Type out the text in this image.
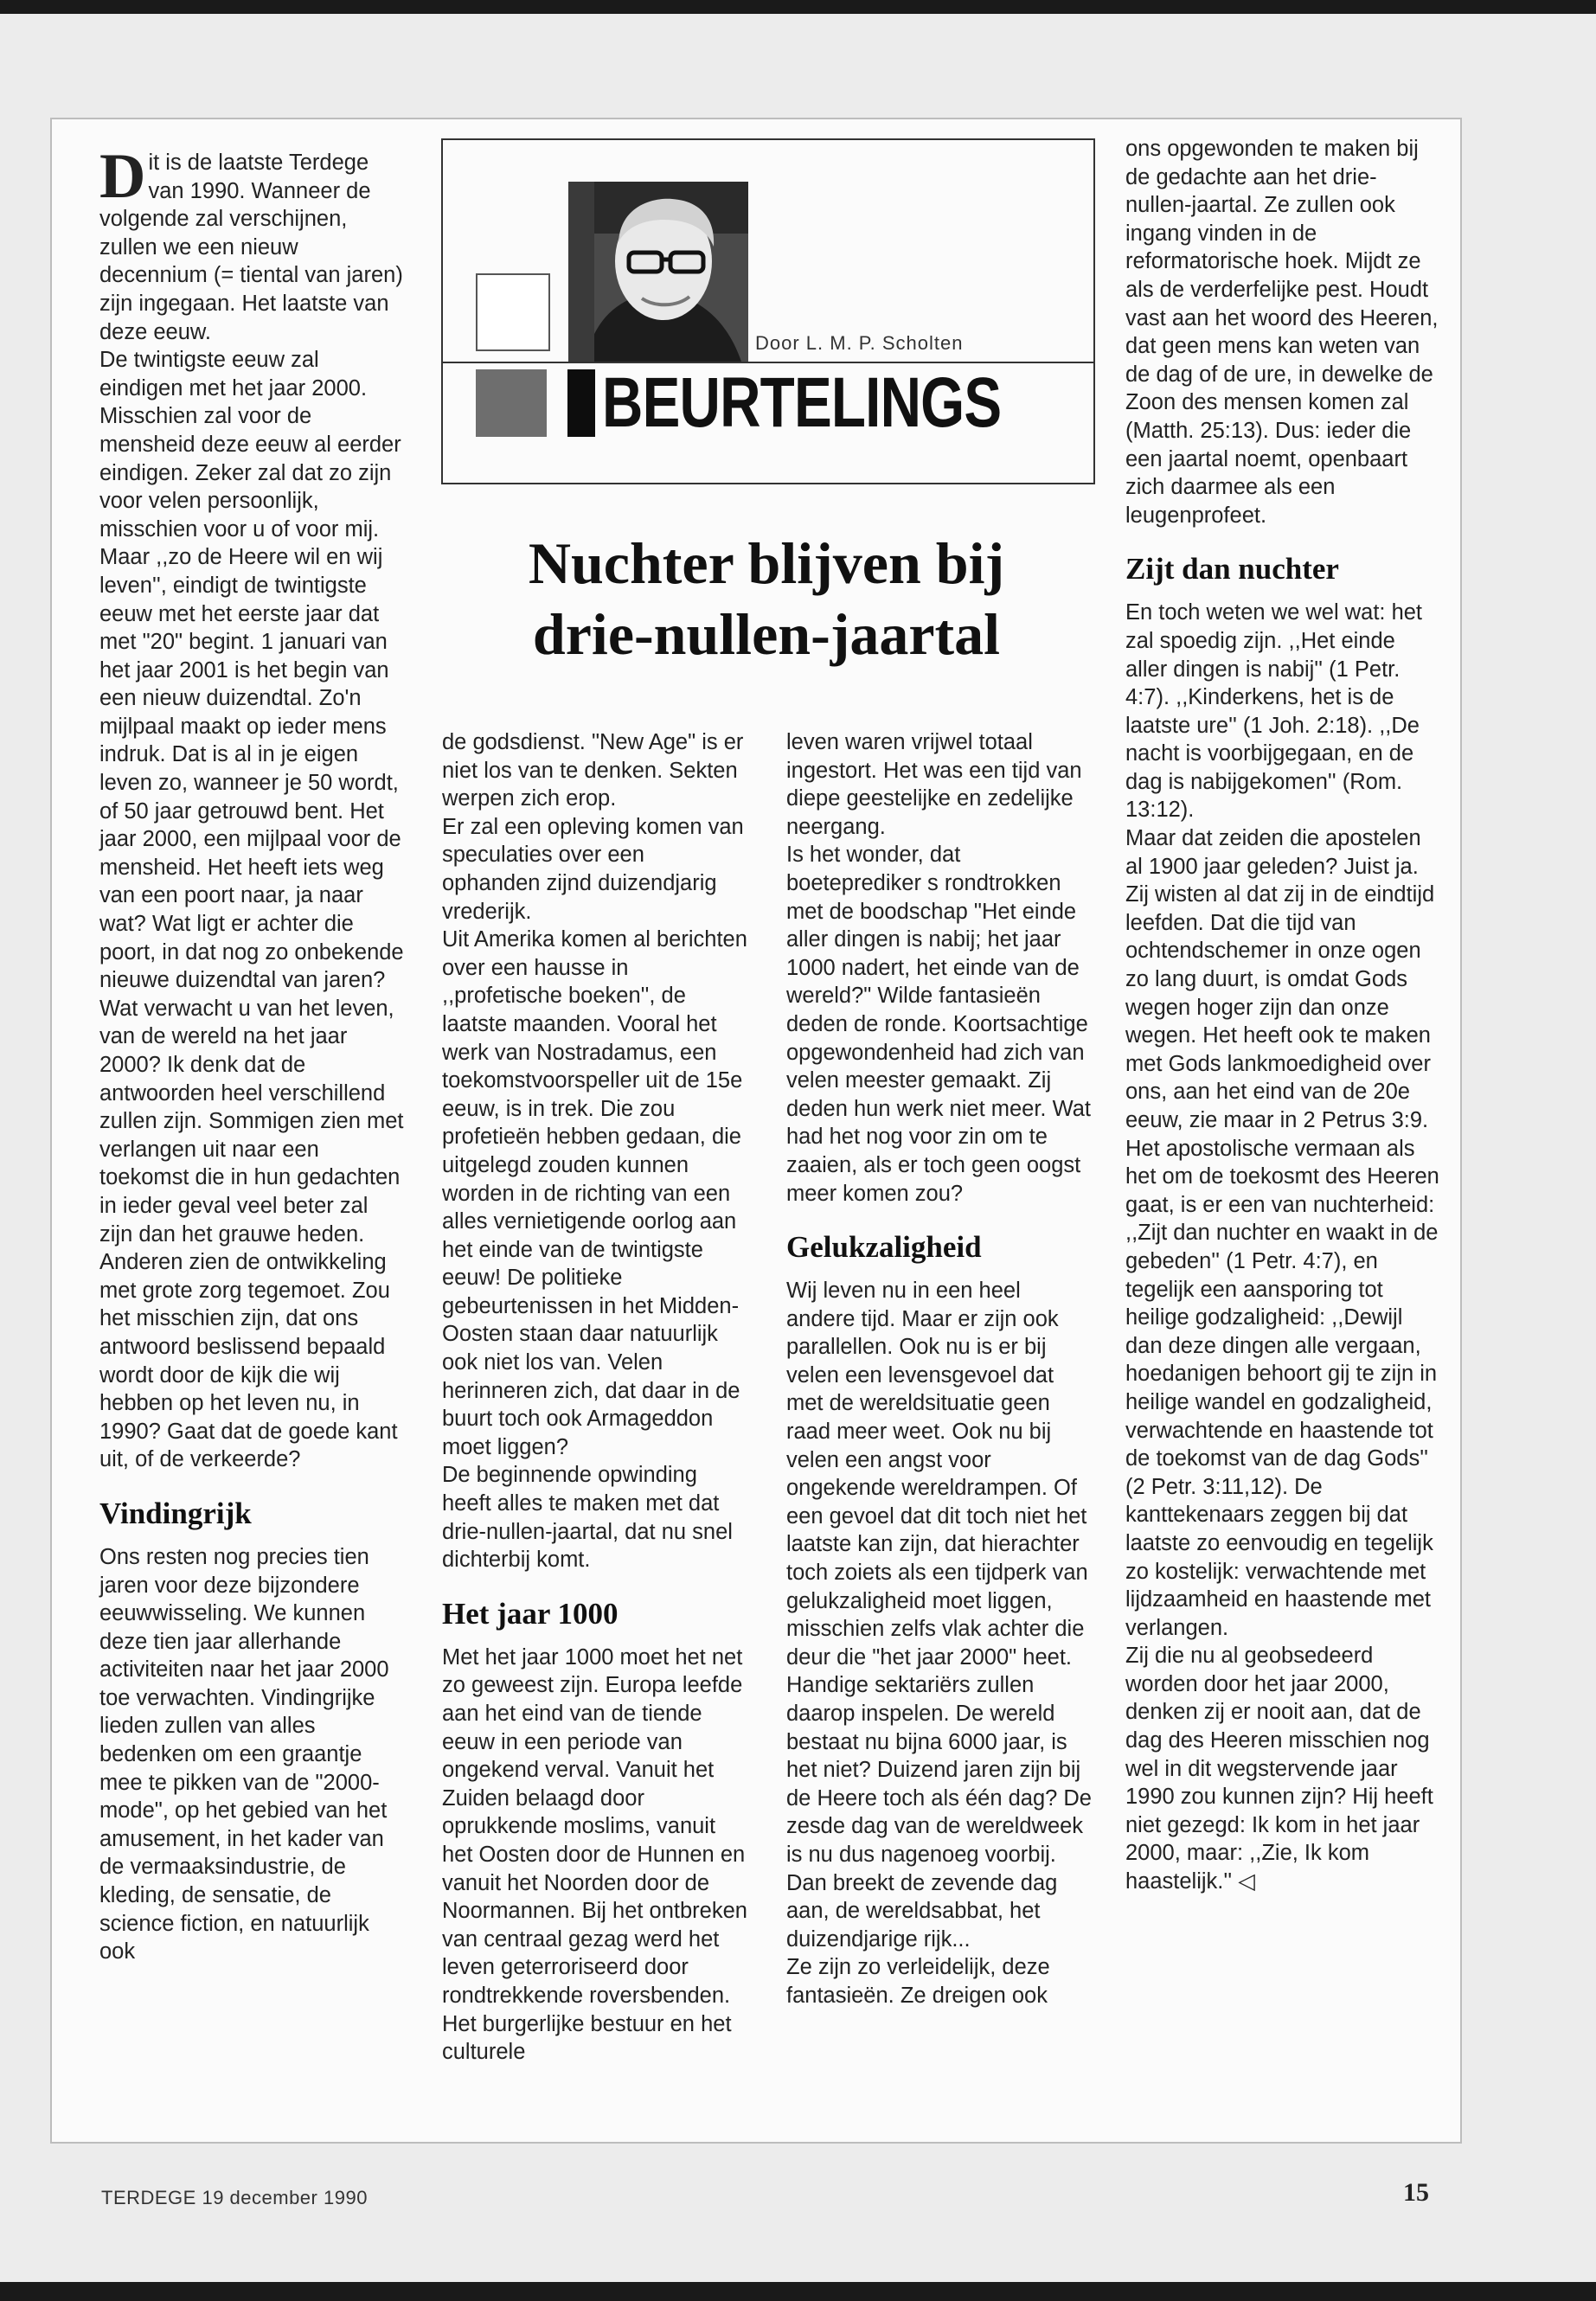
Door L. M. P. Scholten
BEURTELINGS
Nuchter blijven bij
drie-nullen-jaartal

Dit is de laatste Terdege van 1990. Wanneer de volgende zal verschijnen, zullen we een nieuw decennium (= tiental van jaren) zijn ingegaan. Het laatste van deze eeuw.

De twintigste eeuw zal eindigen met het jaar 2000. Misschien zal voor de mensheid deze eeuw al eerder eindigen. Zeker zal dat zo zijn voor velen persoonlijk, misschien voor u of voor mij. Maar ,,zo de Heere wil en wij leven'', eindigt de twintigste eeuw met het eerste jaar dat met "20" begint. 1 januari van het jaar 2001 is het begin van een nieuw duizendtal. Zo'n mijlpaal maakt op ieder mens indruk. Dat is al in je eigen leven zo, wanneer je 50 wordt, of 50 jaar getrouwd bent. Het jaar 2000, een mijlpaal voor de mensheid. Het heeft iets weg van een poort naar, ja naar wat? Wat ligt er achter die poort, in dat nog zo onbekende nieuwe duizendtal van jaren?

Wat verwacht u van het leven, van de wereld na het jaar 2000? Ik denk dat de antwoorden heel verschillend zullen zijn. Sommigen zien met verlangen uit naar een toekomst die in hun gedachten in ieder geval veel beter zal zijn dan het grauwe heden. Anderen zien de ontwikkeling met grote zorg tegemoet. Zou het misschien zijn, dat ons antwoord beslissend bepaald wordt door de kijk die wij hebben op het leven nu, in 1990? Gaat dat de goede kant uit, of de verkeerde?

Vindingrijk

Ons resten nog precies tien jaren voor deze bijzondere eeuwwisseling. We kunnen deze tien jaar allerhande activiteiten naar het jaar 2000 toe verwachten. Vindingrijke lieden zullen van alles bedenken om een graantje mee te pikken van de "2000-mode", op het gebied van het amusement, in het kader van de vermaaksindustrie, de kleding, de sensatie, de science fiction, en natuurlijk ook

de godsdienst. "New Age" is er niet los van te denken. Sekten werpen zich erop.

Er zal een opleving komen van speculaties over een ophanden zijnd duizendjarig vrederijk.

Uit Amerika komen al berichten over een hausse in ,,profetische boeken'', de laatste maanden. Vooral het werk van Nostradamus, een toekomstvoorspeller uit de 15e eeuw, is in trek. Die zou profetieën hebben gedaan, die uitgelegd zouden kunnen worden in de richting van een alles vernietigende oorlog aan het einde van de twintigste eeuw! De politieke gebeurtenissen in het Midden-Oosten staan daar natuurlijk ook niet los van. Velen herinneren zich, dat daar in de buurt toch ook Armageddon moet liggen?

De beginnende opwinding heeft alles te maken met dat drie-nullen-jaartal, dat nu snel dichterbij komt.

Het jaar 1000

Met het jaar 1000 moet het net zo geweest zijn. Europa leefde aan het eind van de tiende eeuw in een periode van ongekend verval. Vanuit het Zuiden belaagd door oprukkende moslims, vanuit het Oosten door de Hunnen en vanuit het Noorden door de Noormannen. Bij het ontbreken van centraal gezag werd het leven geterroriseerd door rondtrekkende roversbenden. Het burgerlijke bestuur en het culturele

leven waren vrijwel totaal ingestort. Het was een tijd van diepe geestelijke en zedelijke neergang.

Is het wonder, dat boeteprediker s rondtrokken met de boodschap "Het einde aller dingen is nabij; het jaar 1000 nadert, het einde van de wereld?" Wilde fantasieën deden de ronde. Koortsachtige opgewondenheid had zich van velen meester gemaakt. Zij deden hun werk niet meer. Wat had het nog voor zin om te zaaien, als er toch geen oogst meer komen zou?

Gelukzaligheid

Wij leven nu in een heel andere tijd. Maar er zijn ook parallellen. Ook nu is er bij velen een levensgevoel dat met de wereldsituatie geen raad meer weet. Ook nu bij velen een angst voor ongekende wereldrampen. Of een gevoel dat dit toch niet het laatste kan zijn, dat hierachter toch zoiets als een tijdperk van gelukzaligheid moet liggen, misschien zelfs vlak achter die deur die "het jaar 2000" heet.

Handige sektariërs zullen daarop inspelen. De wereld bestaat nu bijna 6000 jaar, is het niet? Duizend jaren zijn bij de Heere toch als één dag? De zesde dag van de wereldweek is nu dus nagenoeg voorbij. Dan breekt de zevende dag aan, de wereldsabbat, het duizendjarige rijk...

Ze zijn zo verleidelijk, deze fantasieën. Ze dreigen ook

ons opgewonden te maken bij de gedachte aan het drie-nullen-jaartal. Ze zullen ook ingang vinden in de reformatorische hoek. Mijdt ze als de verderfelijke pest. Houdt vast aan het woord des Heeren, dat geen mens kan weten van de dag of de ure, in dewelke de Zoon des mensen komen zal (Matth. 25:13). Dus: ieder die een jaartal noemt, openbaart zich daarmee als een leugenprofeet.

Zijt dan nuchter

En toch weten we wel wat: het zal spoedig zijn. ,,Het einde aller dingen is nabij'' (1 Petr. 4:7). ,,Kinderkens, het is de laatste ure'' (1 Joh. 2:18). ,,De nacht is voorbijgegaan, en de dag is nabijgekomen'' (Rom. 13:12).

Maar dat zeiden die apostelen al 1900 jaar geleden? Juist ja. Zij wisten al dat zij in de eindtijd leefden. Dat die tijd van ochtendschemer in onze ogen zo lang duurt, is omdat Gods wegen hoger zijn dan onze wegen. Het heeft ook te maken met Gods lankmoedigheid over ons, aan het eind van de 20e eeuw, zie maar in 2 Petrus 3:9.

Het apostolische vermaan als het om de toekosmt des Heeren gaat, is er een van nuchterheid: ,,Zijt dan nuchter en waakt in de gebeden'' (1 Petr. 4:7), en tegelijk een aansporing tot heilige godzaligheid: ,,Dewijl dan deze dingen alle vergaan, hoedanigen behoort gij te zijn in heilige wandel en godzaligheid, verwachtende en haastende tot de toekomst van de dag Gods'' (2 Petr. 3:11,12). De kanttekenaars zeggen bij dat laatste zo eenvoudig en tegelijk zo kostelijk: verwachtende met lijdzaamheid en haastende met verlangen.

Zij die nu al geobsedeerd worden door het jaar 2000, denken zij er nooit aan, dat de dag des Heeren misschien nog wel in dit wegstervende jaar 1990 zou kunnen zijn? Hij heeft niet gezegd: Ik kom in het jaar 2000, maar: ,,Zie, Ik kom haastelijk.'' ◁

TERDEGE 19 december 1990	15
